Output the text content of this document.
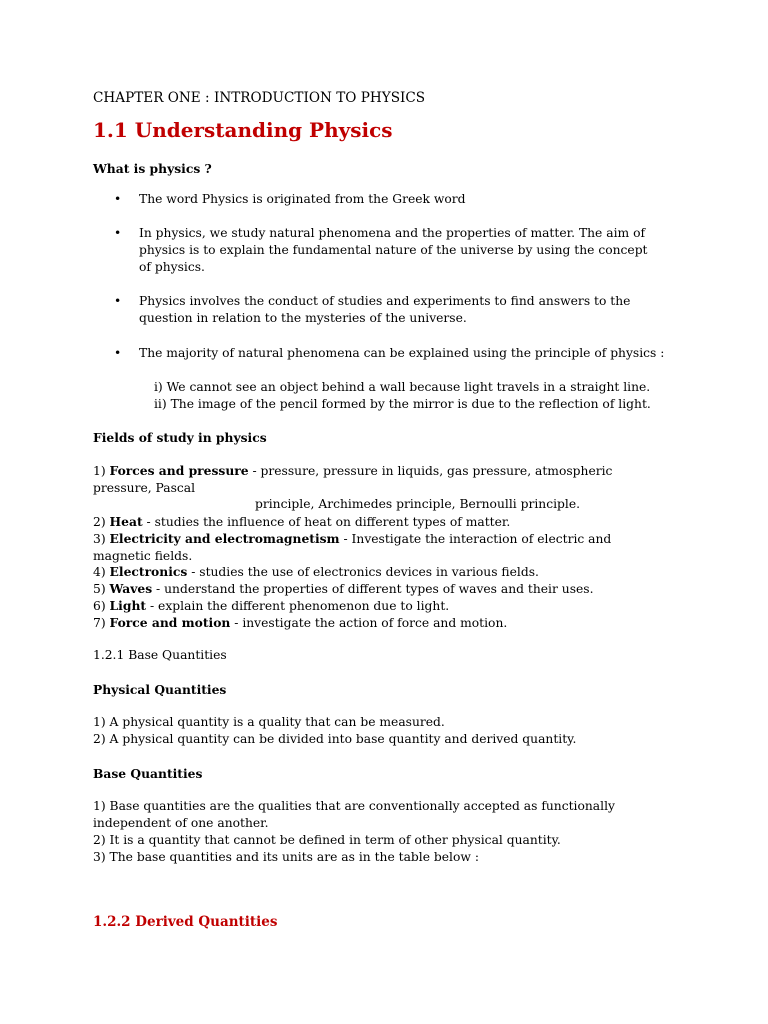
CHAPTER ONE : INTRODUCTION TO PHYSICS
1.1 Understanding Physics
What is physics ?
•	The word Physics is originated from the Greek word
•	In physics, we study natural phenomena and the properties of matter. The aim of physics is to explain the fundamental nature of the universe by using the concept of physics.
•	Physics involves the conduct of studies and experiments to find answers to the question in relation to the mysteries of the universe.
•	The majority of natural phenomena can be explained using the principle of physics :
i) We cannot see an object behind a wall because light travels in a straight line.
ii) The image of the pencil formed by the mirror is due to the reflection of light.
Fields of study in physics
1) Forces and pressure - pressure, pressure in liquids, gas pressure, atmospheric pressure, Pascal
principle, Archimedes principle, Bernoulli principle.
2) Heat - studies the influence of heat on different types of matter.
3) Electricity and electromagnetism - Investigate the interaction of electric and magnetic fields.
4) Electronics - studies the use of electronics devices in various fields.
5) Waves - understand the properties of different types of waves and their uses.
6) Light - explain the different phenomenon due to light.
7) Force and motion - investigate the action of force and motion.
1.2.1 Base Quantities
Physical Quantities
1) A physical quantity is a quality that can be measured.
2) A physical quantity can be divided into base quantity and derived quantity.
Base Quantities
1) Base quantities are the qualities that are conventionally accepted as functionally independent of one another.
2) It is a quantity that cannot be defined in term of other physical quantity.
3) The base quantities and its units are as in the table below :
1.2.2 Derived Quantities
